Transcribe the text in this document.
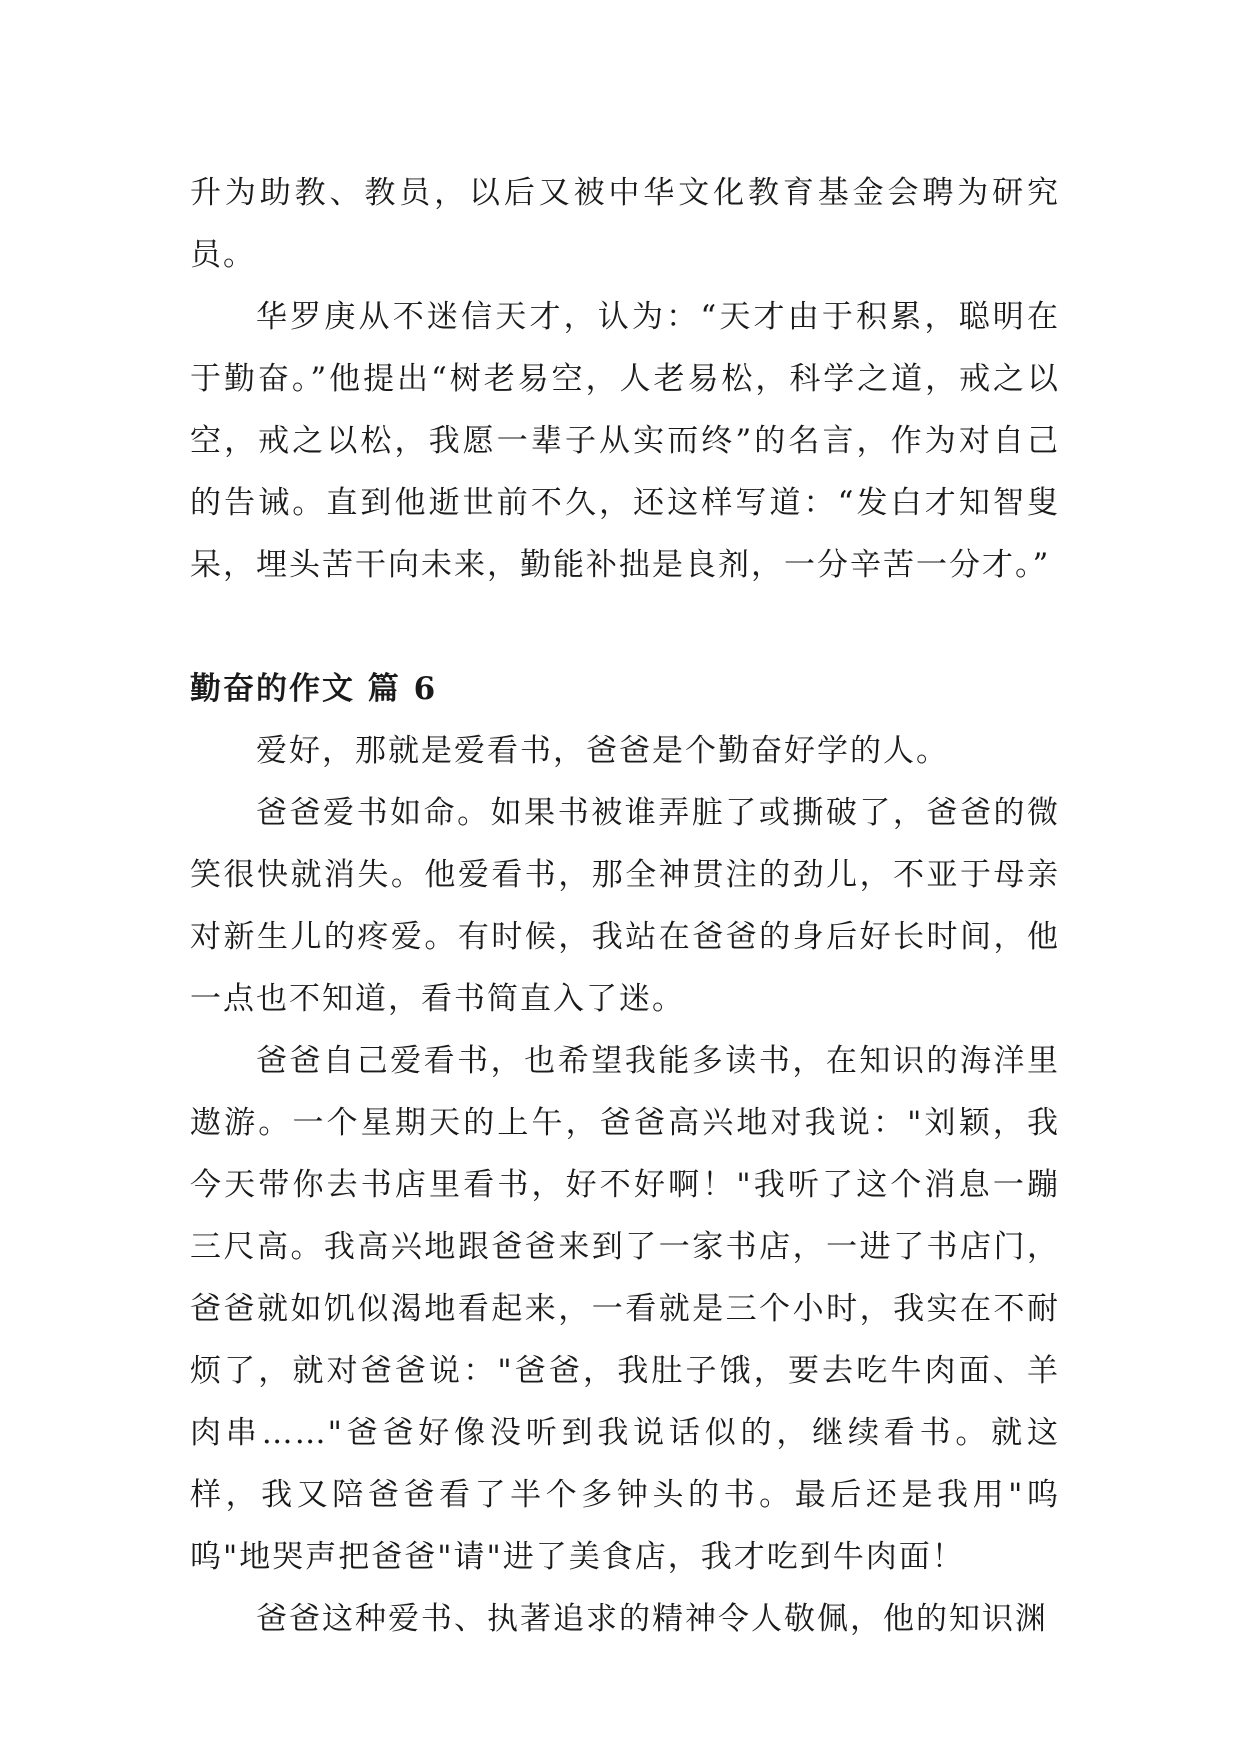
升为助教、教员，以后又被中华文化教育基金会聘为研究员。

华罗庚从不迷信天才，认为：“天才由于积累，聪明在于勤奋。”他提出“树老易空，人老易松，科学之道，戒之以空，戒之以松，我愿一辈子从实而终”的名言，作为对自己的告诫。直到他逝世前不久，还这样写道：“发白才知智叟呆，埋头苦干向未来，勤能补拙是良剂，一分辛苦一分才。”

勤奋的作文 篇 6

爱好，那就是爱看书，爸爸是个勤奋好学的人。

爸爸爱书如命。如果书被谁弄脏了或撕破了，爸爸的微笑很快就消失。他爱看书，那全神贯注的劲儿，不亚于母亲对新生儿的疼爱。有时候，我站在爸爸的身后好长时间，他一点也不知道，看书简直入了迷。

爸爸自己爱看书，也希望我能多读书，在知识的海洋里遨游。一个星期天的上午，爸爸高兴地对我说："刘颖，我今天带你去书店里看书，好不好啊！"我听了这个消息一蹦三尺高。我高兴地跟爸爸来到了一家书店，一进了书店门，爸爸就如饥似渴地看起来，一看就是三个小时，我实在不耐烦了，就对爸爸说："爸爸，我肚子饿，要去吃牛肉面、羊肉串……"爸爸好像没听到我说话似的，继续看书。就这样，我又陪爸爸看了半个多钟头的书。最后还是我用"呜呜"地哭声把爸爸"请"进了美食店，我才吃到牛肉面！

爸爸这种爱书、执著追求的精神令人敬佩，他的知识渊
